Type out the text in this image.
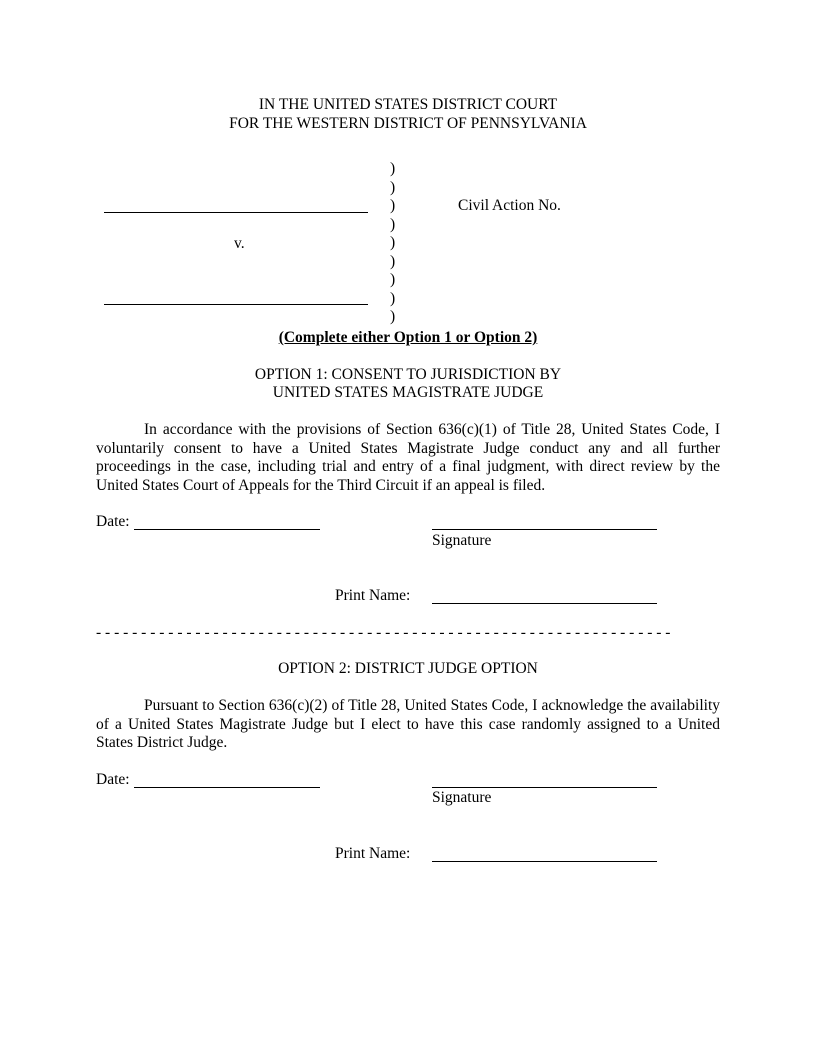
IN THE UNITED STATES DISTRICT COURT
FOR THE WESTERN DISTRICT OF PENNSYLVANIA
)
)
)
)
)
)
)
)
)
v.
Civil Action No.
(Complete either Option 1 or Option 2)
OPTION 1: CONSENT TO JURISDICTION BY
UNITED STATES MAGISTRATE JUDGE
In accordance with the provisions of Section 636(c)(1) of Title 28, United States Code, I voluntarily consent to have a United States Magistrate Judge conduct any and all further proceedings in the case, including trial and entry of a final judgment, with direct review by the United States Court of Appeals for the Third Circuit if an appeal is filed.
Date:
Signature
Print Name:
- - - - - - - - - - - - - - - - - - - - - - - - - - - - - - - - - - - - - - - - - - - - - - - - - - - - - - - - - - - - - - - -
OPTION 2: DISTRICT JUDGE OPTION
Pursuant to Section 636(c)(2) of Title 28, United States Code, I acknowledge the availability of a United States Magistrate Judge but I elect to have this case randomly assigned to a United States District Judge.
Date:
Signature
Print Name:
